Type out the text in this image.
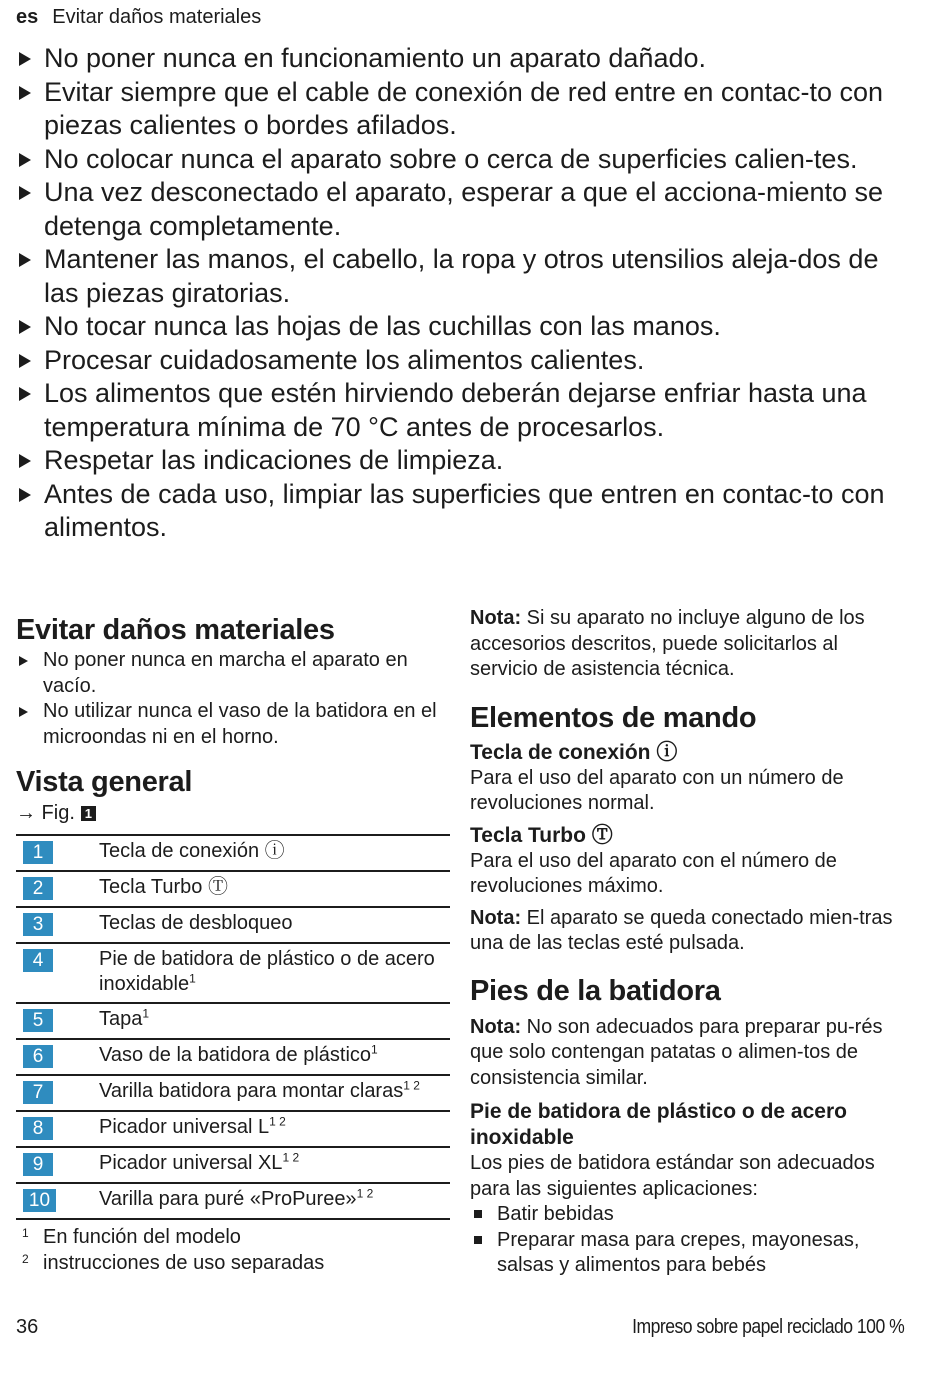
es Evitar daños materiales
No poner nunca en funcionamiento un aparato dañado.
Evitar siempre que el cable de conexión de red entre en contac-to con piezas calientes o bordes afilados.
No colocar nunca el aparato sobre o cerca de superficies calien-tes.
Una vez desconectado el aparato, esperar a que el acciona-miento se detenga completamente.
Mantener las manos, el cabello, la ropa y otros utensilios aleja-dos de las piezas giratorias.
No tocar nunca las hojas de las cuchillas con las manos.
Procesar cuidadosamente los alimentos calientes.
Los alimentos que estén hirviendo deberán dejarse enfriar hasta una temperatura mínima de 70 °C antes de procesarlos.
Respetar las indicaciones de limpieza.
Antes de cada uso, limpiar las superficies que entren en contac-to con alimentos.
Evitar daños materiales
No poner nunca en marcha el aparato en vacío.
No utilizar nunca el vaso de la batidora en el microondas ni en el horno.
Vista general
→ Fig. 1
1	Tecla de conexión ⓘ
2	Tecla Turbo Ⓣ
3	Teclas de desbloqueo
4	Pie de batidora de plástico o de acero inoxidable$^1$
5	Tapa$^1$
6	Vaso de la batidora de plástico$^1$
7	Varilla batidora para montar claras$^{1 2}$
8	Picador universal $L^{1 2}$
9	Picador universal $XL^{1 2}$
10	Varilla para puré «ProPuree»$^{1 2}$
1 En función del modelo
2 instrucciones de uso separadas

Nota: Si su aparato no incluye alguno de los accesorios descritos, puede solicitarlos al servicio de asistencia técnica.

Elementos de mando
Tecla de conexión ⓘ

Para el uso del aparato con un número de revoluciones normal.

Tecla Turbo Ⓣ

Para el uso del aparato con el número de revoluciones máximo.

Nota: El aparato se queda conectado mien-tras una de las teclas esté pulsada.

Pies de la batidora

Nota: No son adecuados para preparar pu-rés que solo contengan patatas o alimen-tos de consistencia similar.

Pie de batidora de plástico o de acero inoxidable

Los pies de batidora estándar son adecuados para las siguientes aplicaciones:

Batir bebidas
Preparar masa para crepes, mayonesas, salsas y alimentos para bebés
36	Impreso sobre papel reciclado 100 %
